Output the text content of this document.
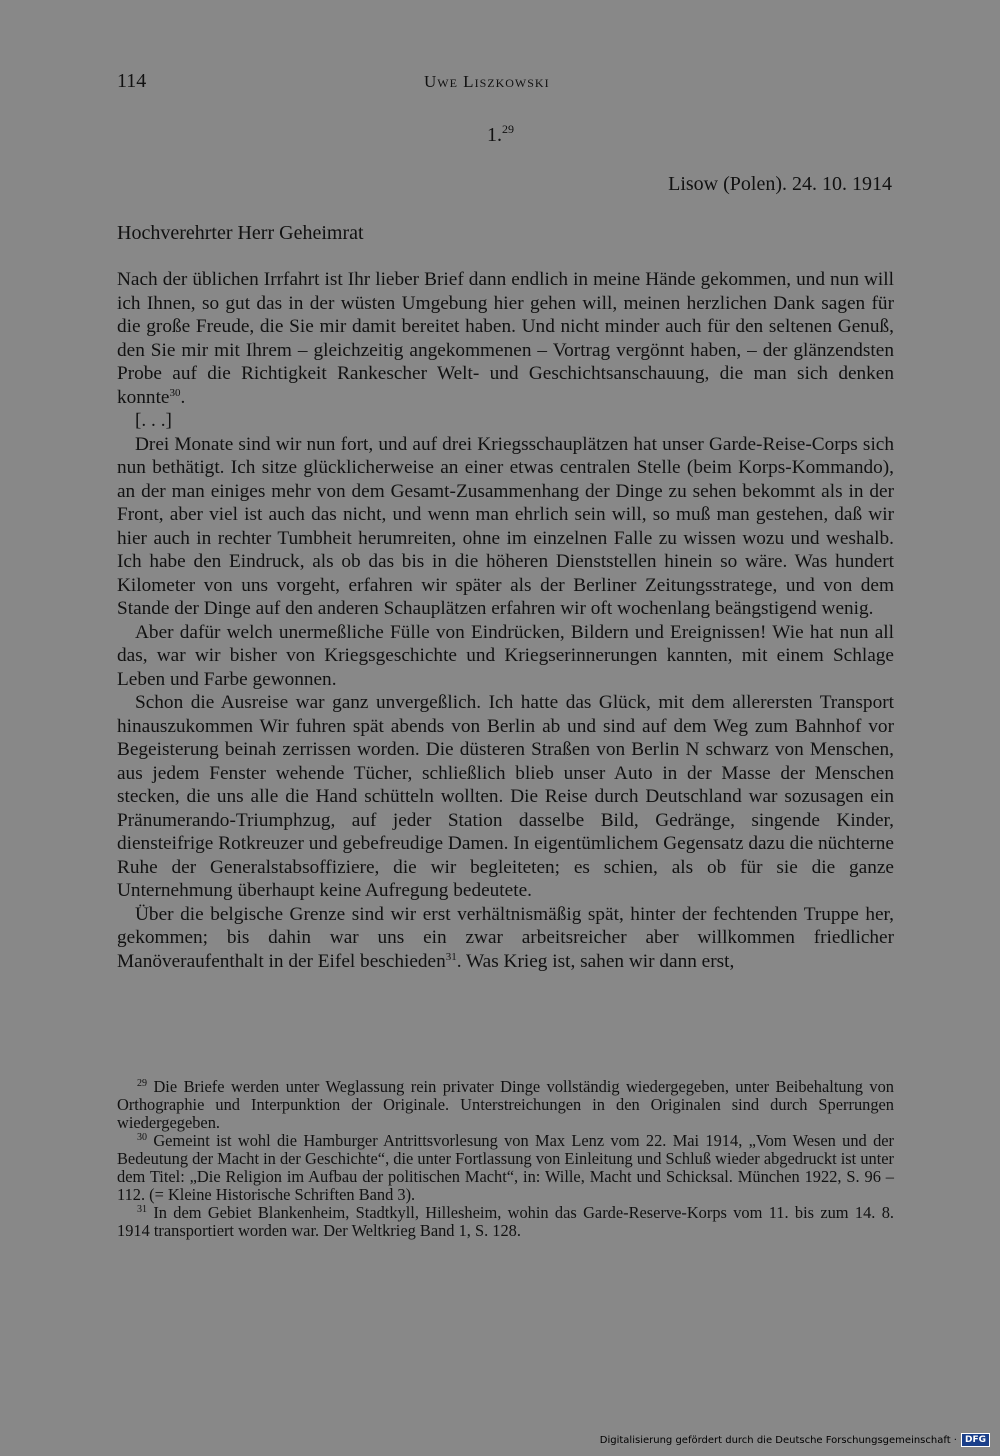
114	Uwe Liszkowski
1.29
Lisow (Polen). 24. 10. 1914
Hochverehrter Herr Geheimrat

Nach der üblichen Irrfahrt ist Ihr lieber Brief dann endlich in meine Hände gekommen, und nun will ich Ihnen, so gut das in der wüsten Umgebung hier gehen will, meinen herzlichen Dank sagen für die große Freude, die Sie mir damit bereitet haben. Und nicht minder auch für den seltenen Genuß, den Sie mir mit Ihrem – gleichzeitig angekommenen – Vortrag vergönnt haben, – der glänzendsten Probe auf die Richtigkeit Rankescher Welt- und Geschichtsanschauung, die man sich denken konnte$^{30}$.

[. . .]

Drei Monate sind wir nun fort, und auf drei Kriegsschauplätzen hat unser Garde-Reise-Corps sich nun bethätigt. Ich sitze glücklicherweise an einer etwas centralen Stelle (beim Korps-Kommando), an der man einiges mehr von dem Gesamt-Zusammenhang der Dinge zu sehen bekommt als in der Front, aber viel ist auch das nicht, und wenn man ehrlich sein will, so muß man gestehen, daß wir hier auch in rechter Tumbheit herumreiten, ohne im einzelnen Falle zu wissen wozu und weshalb. Ich habe den Eindruck, als ob das bis in die höheren Dienststellen hinein so wäre. Was hundert Kilometer von uns vorgeht, erfahren wir später als der Berliner Zeitungsstratege, und von dem Stande der Dinge auf den anderen Schauplätzen erfahren wir oft wochenlang beängstigend wenig.

Aber dafür welch unermeßliche Fülle von Eindrücken, Bildern und Ereignissen! Wie hat nun all das, war wir bisher von Kriegsgeschichte und Kriegserinnerungen kannten, mit einem Schlage Leben und Farbe gewonnen.

Schon die Ausreise war ganz unvergeßlich. Ich hatte das Glück, mit dem allerersten Transport hinauszukommen Wir fuhren spät abends von Berlin ab und sind auf dem Weg zum Bahnhof vor Begeisterung beinah zerrissen worden. Die düsteren Straßen von Berlin N schwarz von Menschen, aus jedem Fenster wehende Tücher, schließlich blieb unser Auto in der Masse der Menschen stecken, die uns alle die Hand schütteln wollten. Die Reise durch Deutschland war sozusagen ein Pränumerando-Triumphzug, auf jeder Station dasselbe Bild, Gedränge, singende Kinder, diensteifrige Rotkreuzer und gebefreudige Damen. In eigentümlichem Gegensatz dazu die nüchterne Ruhe der Generalstabsoffiziere, die wir begleiteten; es schien, als ob für sie die ganze Unternehmung überhaupt keine Aufregung bedeutete.

Über die belgische Grenze sind wir erst verhältnismäßig spät, hinter der fechtenden Truppe her, gekommen; bis dahin war uns ein zwar arbeitsreicher aber willkommen friedlicher Manöveraufenthalt in der Eifel beschieden$^{31}$. Was Krieg ist, sahen wir dann erst,

$^{29}$ Die Briefe werden unter Weglassung rein privater Dinge vollständig wiedergegeben, unter Beibehaltung von Orthographie und Interpunktion der Originale. Unterstreichungen in den Originalen sind durch Sperrungen wiedergegeben.

$^{30}$ Gemeint ist wohl die Hamburger Antrittsvorlesung von Max Lenz vom 22. Mai 1914, „Vom Wesen und der Bedeutung der Macht in der Geschichte“, die unter Fortlassung von Einleitung und Schluß wieder abgedruckt ist unter dem Titel: „Die Religion im Aufbau der politischen Macht“, in: Wille, Macht und Schicksal. München 1922, S. 96 – 112. (= Kleine Historische Schriften Band 3).

$^{31}$ In dem Gebiet Blankenheim, Stadtkyll, Hillesheim, wohin das Garde-Reserve-Korps vom 11. bis zum 14. 8. 1914 transportiert worden war. Der Weltkrieg Band 1, S. 128.

Digitalisierung gefördert durch die Deutsche Forschungsgemeinschaft · DFG
